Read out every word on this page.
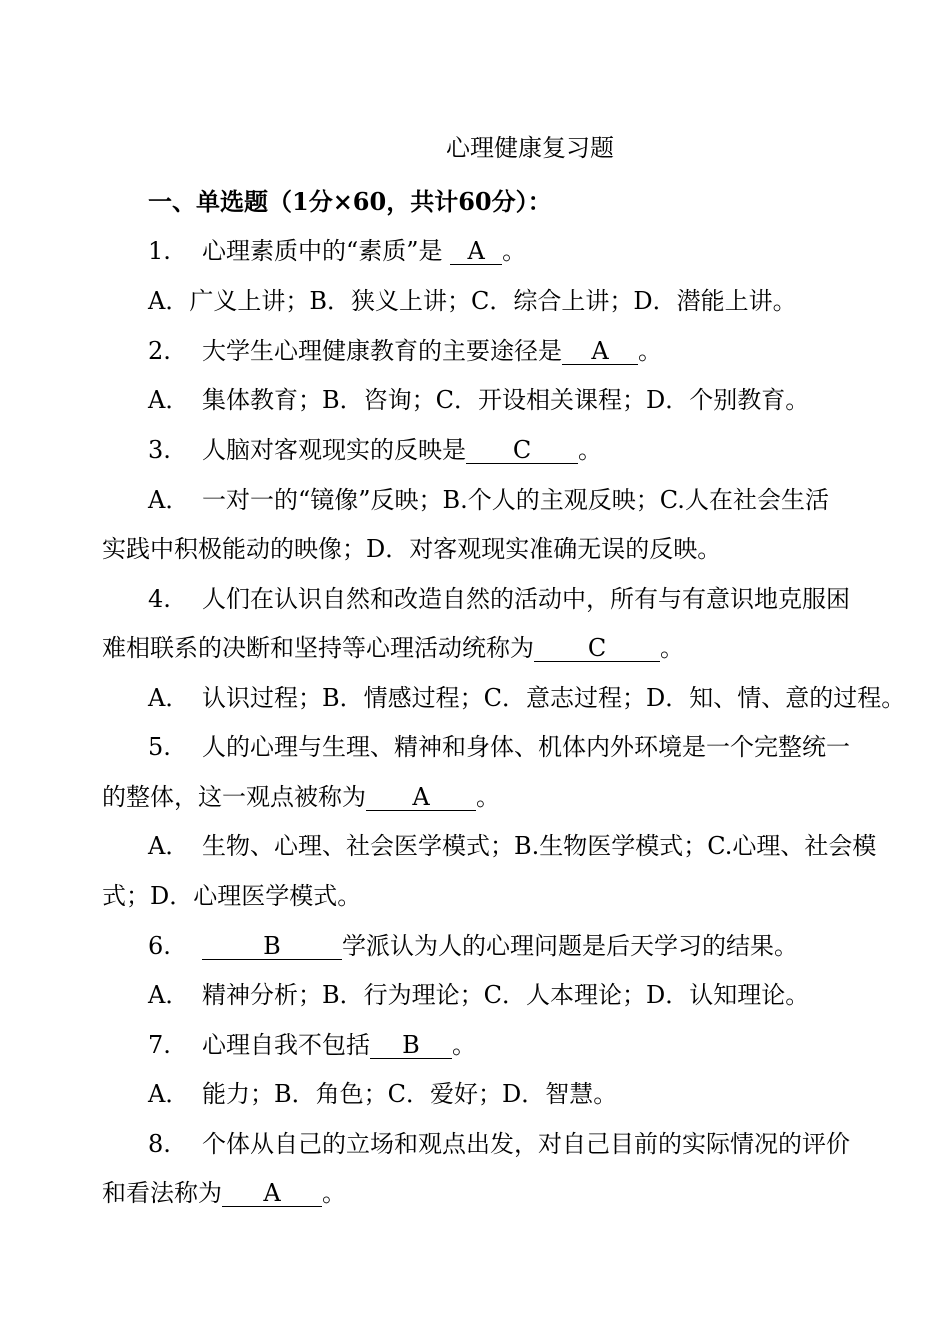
心理健康复习题
一、单选题（1分×60，共计60分）：
1. 心理素质中的“素质”是 A 。
A．广义上讲；B．狭义上讲；C．综合上讲；D．潜能上讲。
2. 大学生心理健康教育的主要途径是 A 。
A． 集体教育；B．咨询；C．开设相关课程；D．个别教育。
3. 人脑对客观现实的反映是 C 。
A． 一对一的“镜像”反映；B.个人的主观反映；C.人在社会生活
实践中积极能动的映像；D．对客观现实准确无误的反映。
4. 人们在认识自然和改造自然的活动中，所有与有意识地克服困
难相联系的决断和坚持等心理活动统称为 C 。
A． 认识过程；B．情感过程；C．意志过程；D．知、情、意的过程。
5. 人的心理与生理、精神和身体、机体内外环境是一个完整统一
的整体，这一观点被称为 A 。
A． 生物、心理、社会医学模式；B.生物医学模式；C.心理、社会模
式；D．心理医学模式。
6.	B	学派认为人的心理问题是后天学习的结果。
A． 精神分析；B．行为理论；C．人本理论；D．认知理论。
7. 心理自我不包括 B 。
A． 能力；B．角色；C．爱好；D．智慧。
8. 个体从自己的立场和观点出发，对自己目前的实际情况的评价
和看法称为 A 。
